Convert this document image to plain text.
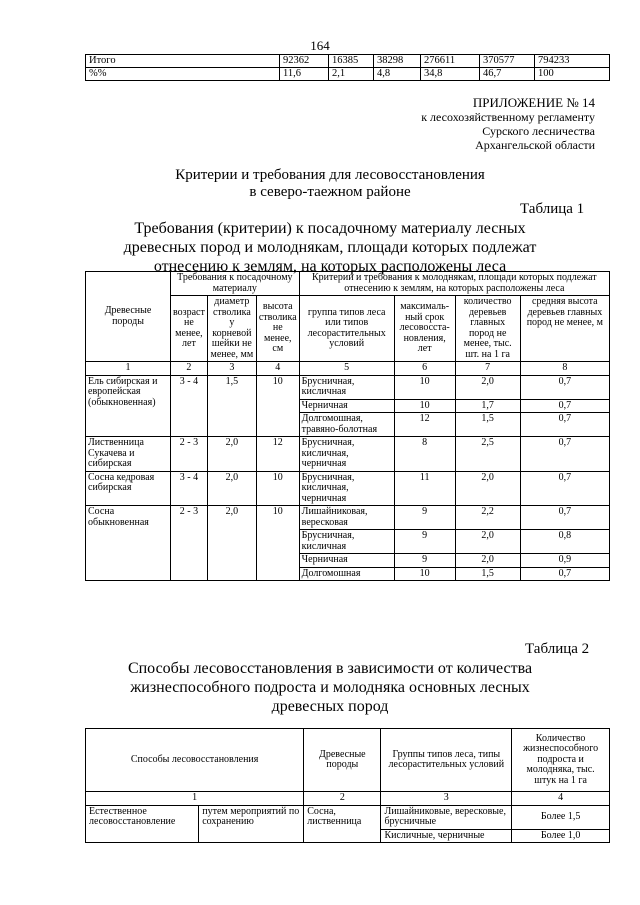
164
Итого	92362	16385	38298	276611	370577	794233
%%	11,6	2,1	4,8	34,8	46,7	100
ПРИЛОЖЕНИЕ № 14
к лесохозяйственному регламенту
Сурского лесничества
Архангельской области
Критерии и требования для лесовосстановления
в северо-таежном районе
Таблица 1
Требования (критерии) к посадочному материалу лесных
древесных пород и молоднякам, площади которых подлежат
отнесению к землям, на которых расположены леса
Древесные породы	Требования к посадочному материалу			Критерии и требования к молоднякам, площади которых подлежат отнесению к землям, на которых расположены леса			
	возраст не менее, лет	диаметр стволика у корневой шейки не менее, мм	высота стволика не менее, см	группа типов леса или типов лесорастительных условий	максималь-ный срок лесовосста-новления, лет	количество деревьев главных пород не менее, тыс. шт. на 1 га	средняя высота деревьев главных пород не менее, м
1	2	3	4	5	6	7	8
Ель сибирская и европейская (обыкновенная)	3 - 4	1,5	10	Брусничная, кисличная	10	2,0	0,7
				Черничная	10	1,7	0,7
				Долгомошная, травяно-болотная	12	1,5	0,7
Лиственница Сукачева и сибирская	2 - 3	2,0	12	Брусничная, кисличная, черничная	8	2,5	0,7
Сосна кедровая сибирская	3 - 4	2,0	10	Брусничная, кисличная, черничная	11	2,0	0,7
Сосна обыкновенная	2 - 3	2,0	10	Лишайниковая, вересковая	9	2,2	0,7
				Брусничная, кисличная	9	2,0	0,8
				Черничная	9	2,0	0,9
				Долгомошная	10	1,5	0,7
Таблица 2
Способы лесовосстановления в зависимости от количества
жизнеспособного подроста и молодняка основных лесных
древесных пород
Способы лесовосстановления		Древесные породы	Группы типов леса, типы лесорастительных условий	Количество жизнеспособного подроста и молодняка, тыс. штук на 1 га
1		2	3	4
Естественное лесовосстановление	путем мероприятий по сохранению	Сосна, лиственница	Лишайниковые, вересковые, брусничные	Более 1,5
			Кисличные, черничные	Более 1,0
